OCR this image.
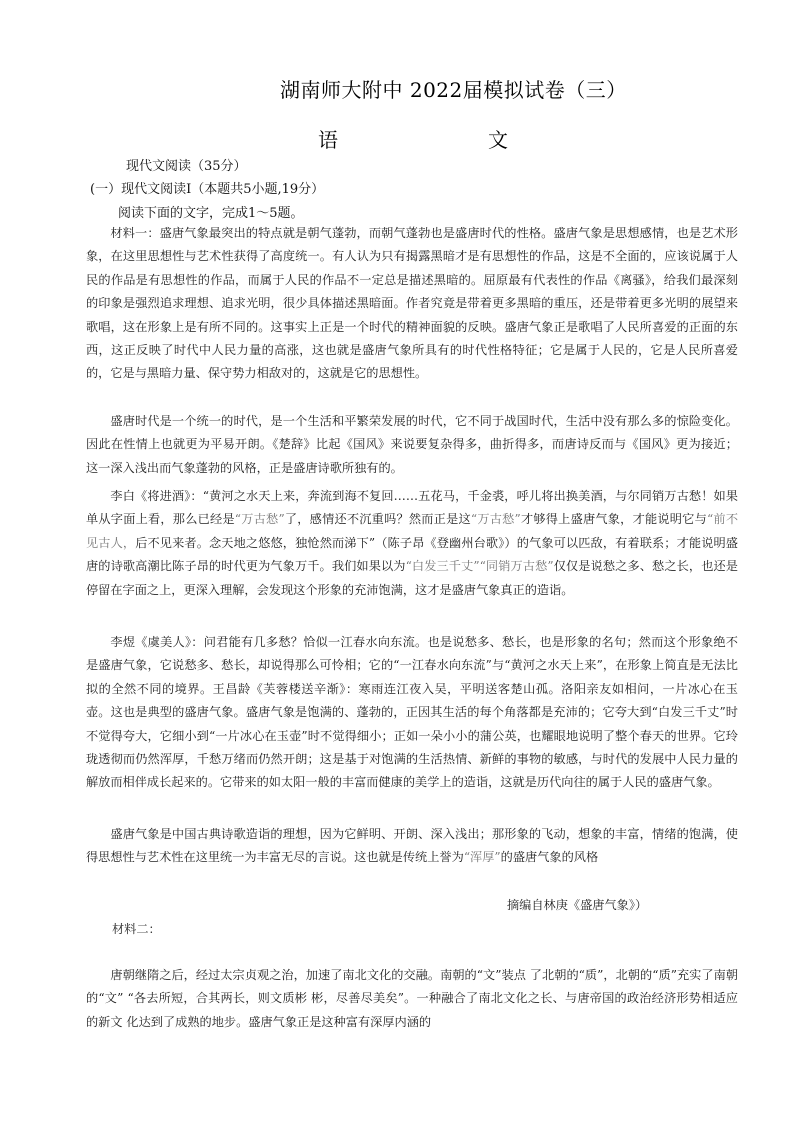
湖南师大附中 2022届模拟试卷（三）
语	文
现代文阅读（35分）
(一）现代文阅读Ⅰ（本题共5小题,19分）
阅读下面的文字，完成1～5题。
材料一：盛唐气象最突出的特点就是朝气蓬勃，而朝气蓬勃也是盛唐时代的性格。盛唐气象是思想感情，也是艺术形象，在这里思想性与艺术性获得了高度统一。有人认为只有揭露黑暗才是有思想性的作品，这是不全面的，应该说属于人民的作品是有思想性的作品，而属于人民的作品不一定总是描述黑暗的。屈原最有代表性的作品《离骚》，给我们最深刻的印象是强烈追求理想、追求光明，很少具体描述黑暗面。作者究竟是带着更多黑暗的重压，还是带着更多光明的展望来歌唱，这在形象上是有所不同的。这事实上正是一个时代的精神面貌的反映。盛唐气象正是歌唱了人民所喜爱的正面的东西，这正反映了时代中人民力量的高涨，这也就是盛唐气象所具有的时代性格特征；它是属于人民的，它是人民所喜爱的，它是与黑暗力量、保守势力相敌对的，这就是它的思想性。
盛唐时代是一个统一的时代，是一个生活和平繁荣发展的时代，它不同于战国时代，生活中没有那么多的惊险变化。因此在性情上也就更为平易开朗。《楚辞》比起《国风》来说要复杂得多，曲折得多，而唐诗反而与《国风》更为接近；这一深入浅出而气象蓬勃的风格，正是盛唐诗歌所独有的。
李白《将进酒》：“黄河之水天上来，奔流到海不复回……五花马，千金裘，呼儿将出换美酒，与尔同销万古愁！如果单从字面上看，那么已经是“万古愁”了，感情还不沉重吗？然而正是这“万古愁”才够得上盛唐气象，才能说明它与“前不见古人，后不见来者。念天地之悠悠，独怆然而涕下”（陈子昂《登幽州台歌》）的气象可以匹敌，有着联系；才能说明盛唐的诗歌高潮比陈子昂的时代更为气象万千。我们如果以为“白发三千丈”“同销万古愁”仅仅是说愁之多、愁之长，也还是停留在字面之上，更深入理解，会发现这个形象的充沛饱满，这才是盛唐气象真正的造诣。
李煜《虞美人》：问君能有几多愁？恰似一江春水向东流。也是说愁多、愁长，也是形象的名句；然而这个形象绝不是盛唐气象，它说愁多、愁长，却说得那么可怜相；它的“一江春水向东流”与“黄河之水天上来”，在形象上简直是无法比拟的全然不同的境界。王昌龄《芙蓉楼送辛渐》：寒雨连江夜入吴，平明送客楚山孤。洛阳亲友如相问，一片冰心在玉壶。这也是典型的盛唐气象。盛唐气象是饱满的、蓬勃的，正因其生活的每个角落都是充沛的；它夸大到“白发三千丈”时不觉得夸大，它细小到“一片冰心在玉壶”时不觉得细小；正如一朵小小的蒲公英，也耀眼地说明了整个春天的世界。它玲珑透彻而仍然浑厚，千愁万绪而仍然开朗；这是基于对饱满的生活热情、新鲜的事物的敏感，与时代的发展中人民力量的解放而相伴成长起来的。它带来的如太阳一般的丰富而健康的美学上的造诣，这就是历代向往的属于人民的盛唐气象。
盛唐气象是中国古典诗歌造诣的理想，因为它鲜明、开朗、深入浅出；那形象的飞动，想象的丰富，情绪的饱满，使得思想性与艺术性在这里统一为丰富无尽的言说。这也就是传统上誉为“浑厚”的盛唐气象的风格
摘编自林庚《盛唐气象》）
材料二：
唐朝继隋之后，经过太宗贞观之治，加速了南北文化的交融。南朝的“文”装点 了北朝的“质”，北朝的“质”充实了南朝的“文” “各去所短，合其两长，则文质彬 彬，尽善尽美矣”。一种融合了南北文化之长、与唐帝国的政治经济形势相适应的新文 化达到了成熟的地步。盛唐气象正是这种富有深厚内涵的
